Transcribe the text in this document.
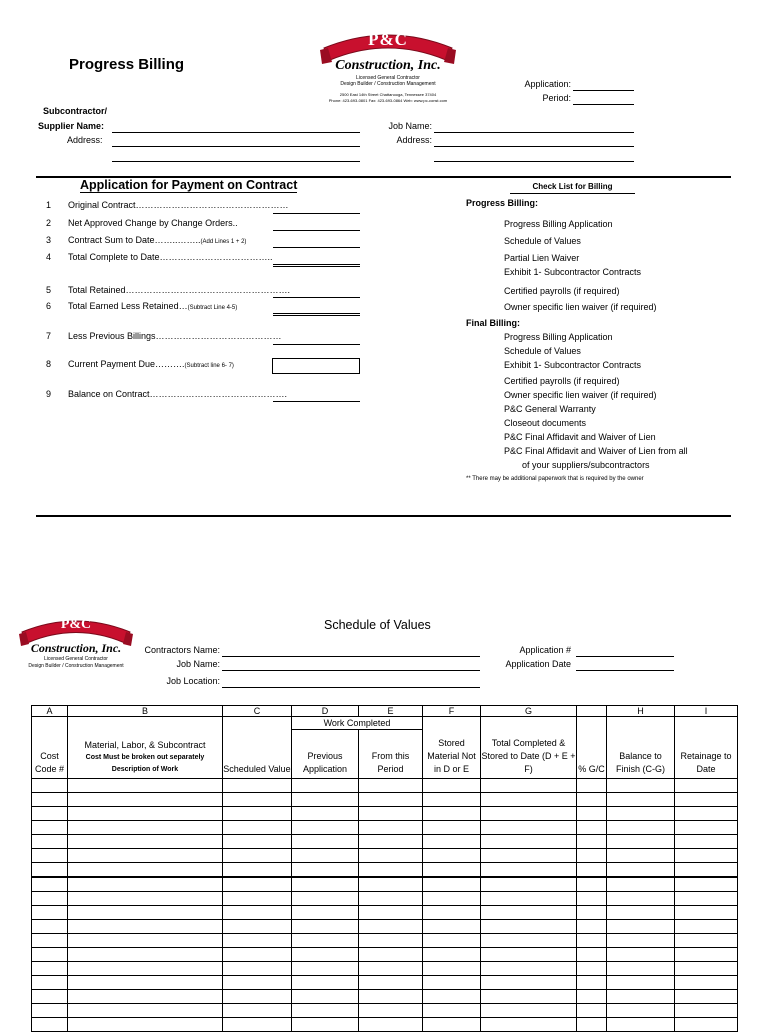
Progress Billing
P&C
Construction, Inc.
Licensed General Contractor
Design Builder / Construction Management
2500 East 14th Street Chattanooga, Tennessee 37404
Phone: 423-693-0801 Fax: 423-693-0864 Web: www.pc-const.com
Application:
Period:
Subcontractor/
Supplier Name:
Address:
Job Name:
Address:
Application for Payment on Contract
1 Original Contract……………………………………………
2 Net Approved Change by Change Orders..
3 Contract Sum to Date……..……..(Add Lines 1 + 2)
4 Total Complete to Date………………………………..
5 Total Retained……………………………………………….
6 Total Earned Less Retained…(Subtract Line 4-5)
7 Less Previous Billings……………………………………
8 Current Payment Due……….(Subtract line 6- 7)
9 Balance on Contract……………………………………….
Check List for Billing
Progress Billing:
Progress Billing Application
Schedule of Values
Partial Lien Waiver
Exhibit 1- Subcontractor Contracts
Certified payrolls (if required)
Owner specific lien waiver (if required)
Final Billing:
Progress Billing Application
Schedule of Values
Exhibit 1- Subcontractor Contracts
Certified payrolls (if required)
Owner specific lien waiver (if required)
P&C General Warranty
Closeout documents
P&C Final Affidavit and Waiver of Lien
P&C Final Affidavit and Waiver of Lien from all
of your suppliers/subcontractors
** There may be additional paperwork that is required by the owner
Schedule of Values
P&C
Construction, Inc.
Licensed General Contractor
Design Builder / Construction Management
Contractors Name:
Job Name:
Job Location:
Application #
Application Date
A	B	C	D	E	F	G		H	I
Cost Code #	Material, Labor, & Subcontract
Cost Must be broken out separately
Description of Work	Scheduled Value	Work Completed		Stored Material Not in D or E	Total Completed & Stored to Date (D + E + F)	% G/C	Balance to Finish (C-G)	Retainage to Date
			Previous Application	From this Period					
